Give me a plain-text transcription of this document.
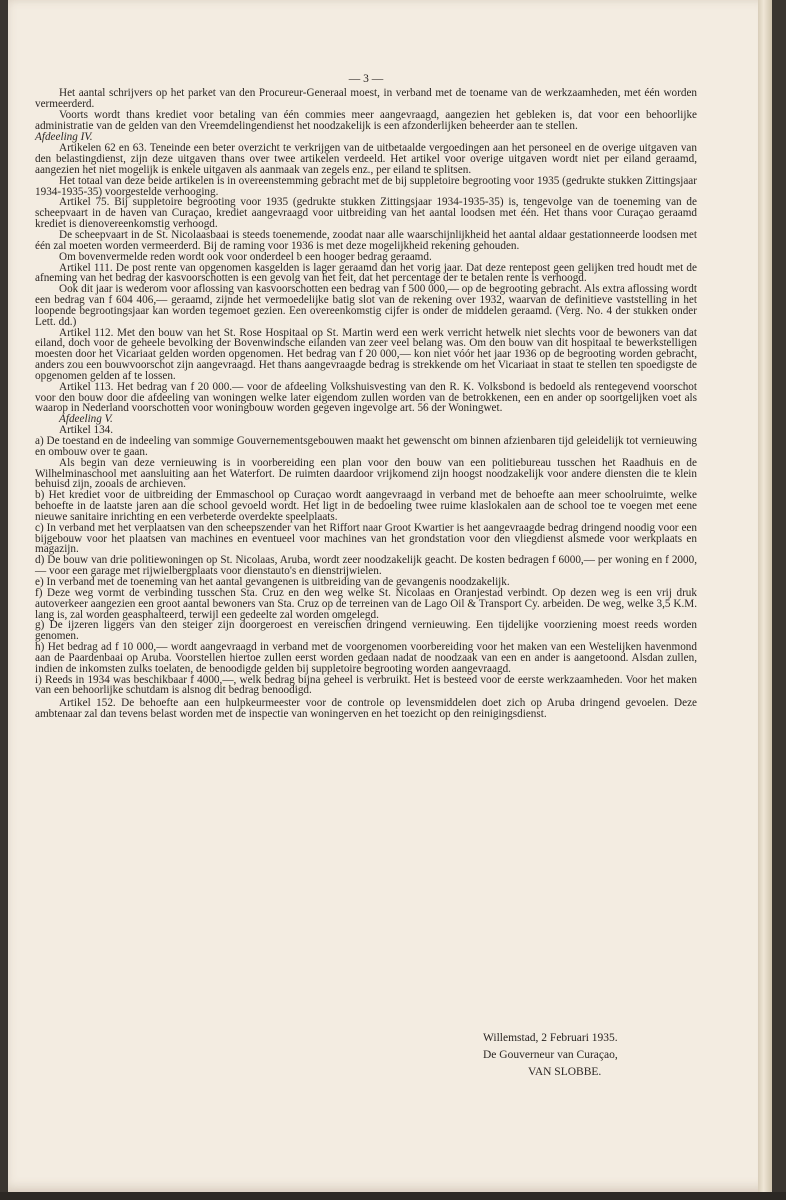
— 3 —

Het aantal schrijvers op het parket van den Procureur-Generaal moest, in verband met de toename van de werkzaamheden, met één worden vermeerderd.

Voorts wordt thans krediet voor betaling van één commies meer aangevraagd, aangezien het gebleken is, dat voor een behoorlijke administratie van de gelden van den Vreemdelingendienst het noodzakelijk is een afzonderlijken beheerder aan te stellen.

Afdeeling IV.

Artikelen 62 en 63. Teneinde een beter overzicht te verkrijgen van de uitbetaalde vergoedingen aan het personeel en de overige uitgaven van den belastingdienst, zijn deze uitgaven thans over twee artikelen verdeeld. Het artikel voor overige uitgaven wordt niet per eiland geraamd, aangezien het niet mogelijk is enkele uitgaven als aanmaak van zegels enz., per eiland te splitsen.

Het totaal van deze beide artikelen is in overeenstemming gebracht met de bij suppletoire begrooting voor 1935 (gedrukte stukken Zittingsjaar 1934-1935-35) voorgestelde verhooging.

Artikel 75. Bij suppletoire begrooting voor 1935 (gedrukte stukken Zittingsjaar 1934-1935-35) is, tengevolge van de toeneming van de scheepvaart in de haven van Curaçao, krediet aangevraagd voor uitbreiding van het aantal loodsen met één. Het thans voor Curaçao geraamd krediet is dienovereenkomstig verhoogd.

De scheepvaart in de St. Nicolaasbaai is steeds toenemende, zoodat naar alle waarschijnlijkheid het aantal aldaar gestationneerde loodsen met één zal moeten worden vermeerderd. Bij de raming voor 1936 is met deze mogelijkheid rekening gehouden.

Om bovenvermelde reden wordt ook voor onderdeel b een hooger bedrag geraamd.

Artikel 111. De post rente van opgenomen kasgelden is lager geraamd dan het vorig jaar. Dat deze rentepost geen gelijken tred houdt met de afneming van het bedrag der kasvoorschotten is een gevolg van het feit, dat het percentage der te betalen rente is verhoogd.

Ook dit jaar is wederom voor aflossing van kasvoorschotten een bedrag van f 500 000,— op de begrooting gebracht. Als extra aflossing wordt een bedrag van f 604 406,— geraamd, zijnde het vermoedelijke batig slot van de rekening over 1932, waarvan de definitieve vaststelling in het loopende begrootingsjaar kan worden tegemoet gezien. Een overeenkomstig cijfer is onder de middelen geraamd. (Verg. No. 4 der stukken onder Lett. dd.)

Artikel 112. Met den bouw van het St. Rose Hospitaal op St. Martin werd een werk verricht hetwelk niet slechts voor de bewoners van dat eiland, doch voor de geheele bevolking der Bovenwindsche eilanden van zeer veel belang was. Om den bouw van dit hospitaal te bewerkstelligen moesten door het Vicariaat gelden worden opgenomen. Het bedrag van f 20 000,— kon niet vóór het jaar 1936 op de begrooting worden gebracht, anders zou een bouwvoorschot zijn aangevraagd. Het thans aangevraagde bedrag is strekkende om het Vicariaat in staat te stellen ten spoedigste de opgenomen gelden af te lossen.

Artikel 113. Het bedrag van f 20 000.— voor de afdeeling Volkshuisvesting van den R. K. Volksbond is bedoeld als rentegevend voorschot voor den bouw door die afdeeling van woningen welke later eigendom zullen worden van de betrokkenen, een en ander op soortgelijken voet als waarop in Nederland voorschotten voor woningbouw worden gegeven ingevolge art. 56 der Woningwet.

Afdeeling V.

Artikel 134.

a) De toestand en de indeeling van sommige Gouvernementsgebouwen maakt het gewenscht om binnen afzienbaren tijd geleidelijk tot vernieuwing en ombouw over te gaan.

Als begin van deze vernieuwing is in voorbereiding een plan voor den bouw van een politiebureau tusschen het Raadhuis en de Wilhelminaschool met aansluiting aan het Waterfort. De ruimten daardoor vrijkomend zijn hoogst noodzakelijk voor andere diensten die te klein behuisd zijn, zooals de archieven.

b) Het krediet voor de uitbreiding der Emmaschool op Curaçao wordt aangevraagd in verband met de behoefte aan meer schoolruimte, welke behoefte in de laatste jaren aan die school gevoeld wordt. Het ligt in de bedoeling twee ruime klaslokalen aan de school toe te voegen met eene nieuwe sanitaire inrichting en een verbeterde overdekte speelplaats.

c) In verband met het verplaatsen van den scheepszender van het Riffort naar Groot Kwartier is het aangevraagde bedrag dringend noodig voor een bijgebouw voor het plaatsen van machines en eventueel voor machines van het grondstation voor den vliegdienst alsmede voor werkplaats en magazijn.

d) De bouw van drie politiewoningen op St. Nicolaas, Aruba, wordt zeer noodzakelijk geacht. De kosten bedragen f 6000,— per woning en f 2000,— voor een garage met rijwielbergplaats voor dienstauto's en dienstrijwielen.

e) In verband met de toeneming van het aantal gevangenen is uitbreiding van de gevangenis noodzakelijk.

f) Deze weg vormt de verbinding tusschen Sta. Cruz en den weg welke St. Nicolaas en Oranjestad verbindt. Op dezen weg is een vrij druk autoverkeer aangezien een groot aantal bewoners van Sta. Cruz op de terreinen van de Lago Oil & Transport Cy. arbeiden. De weg, welke 3,5 K.M. lang is, zal worden geasphalteerd, terwijl een gedeelte zal worden omgelegd.

g) De ijzeren liggers van den steiger zijn doorgeroest en vereischen dringend vernieuwing. Een tijdelijke voorziening moest reeds worden genomen.

h) Het bedrag ad f 10 000,— wordt aangevraagd in verband met de voorgenomen voorbereiding voor het maken van een Westelijken havenmond aan de Paardenbaai op Aruba. Voorstellen hiertoe zullen eerst worden gedaan nadat de noodzaak van een en ander is aangetoond. Alsdan zullen, indien de inkomsten zulks toelaten, de benoodigde gelden bij suppletoire begrooting worden aangevraagd.

i) Reeds in 1934 was beschikbaar f 4000,—, welk bedrag bijna geheel is verbruikt. Het is besteed voor de eerste werkzaamheden. Voor het maken van een behoorlijke schutdam is alsnog dit bedrag benoodigd.

Artikel 152. De behoefte aan een hulpkeurmeester voor de controle op levensmiddelen doet zich op Aruba dringend gevoelen. Deze ambtenaar zal dan tevens belast worden met de inspectie van woningerven en het toezicht op den reinigingsdienst.

Willemstad, 2 Februari 1935.
De Gouverneur van Curaçao,
VAN SLOBBE.
